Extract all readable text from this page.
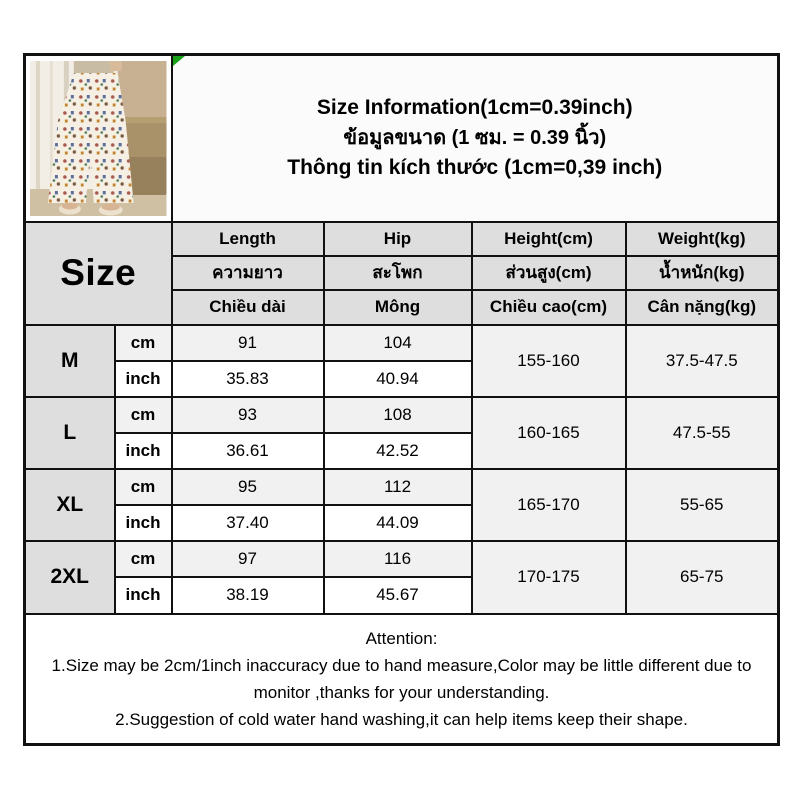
Size Information(1cm=0.39inch)
ข้อมูลขนาด (1 ซม. = 0.39 นิ้ว)
Thông tin kích thước (1cm=0,39 inch)			

Size		Length	Hip	Height(cm)	Weight(kg)
		ความยาว	สะโพก	ส่วนสูง(cm)	น้ำหนัก(kg)
		Chiều dài	Mông	Chiều cao(cm)	Cân nặng(kg)
M	cm	91	104	155-160	37.5-47.5
	inch	35.83	40.94		
L	cm	93	108	160-165	47.5-55
	inch	36.61	42.52		
XL	cm	95	112	165-170	55-65
	inch	37.40	44.09		
2XL	cm	97	116	170-175	65-75
	inch	38.19	45.67		

Attention:
1.Size may be 2cm/1inch inaccuracy due to hand measure,Color may be little different due to
monitor ,thanks for your understanding.
2.Suggestion of cold water hand washing,it can help items keep their shape.					
